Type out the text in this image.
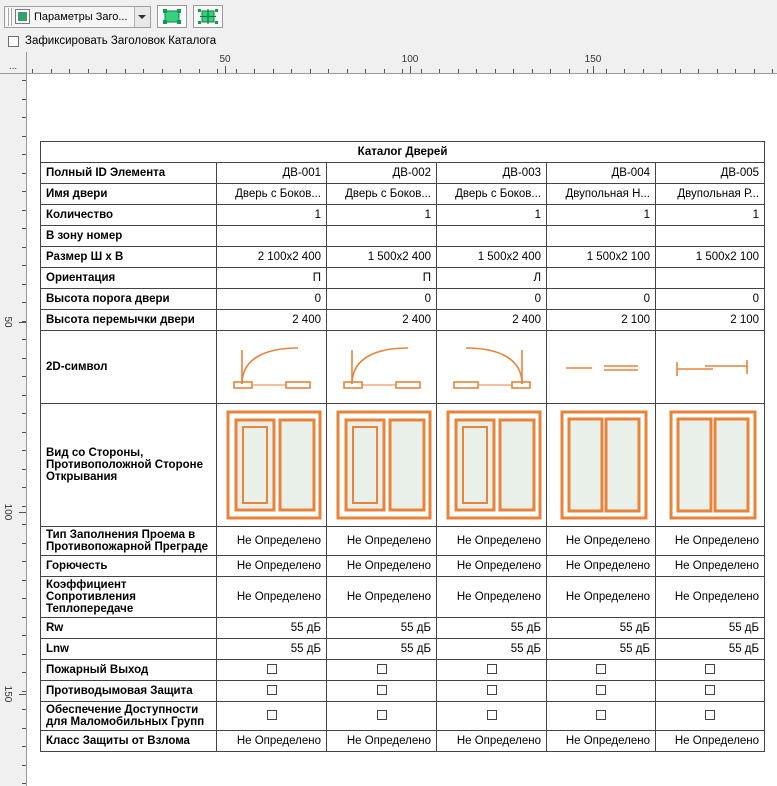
Параметры Заго...
Зафиксировать Заголовок Каталога
...
50	100	150
50
100
150
Каталог Дверей					
Полный ID Элемента	ДВ-001	ДВ-002	ДВ-003	ДВ-004	ДВ-005
Имя двери	Дверь с Боков...	Дверь с Боков...	Дверь с Боков...	Двупольная Н...	Двупольная Р...
Количество	1	1	1	1	1
В зону номер					
Размер Ш х В	2 100x2 400	1 500x2 400	1 500x2 400	1 500x2 100	1 500x2 100
Ориентация	П	П	Л		
Высота порога двери	0	0	0	0	0
Высота перемычки двери	2 400	2 400	2 400	2 100	2 100
2D-символ					
Вид со Стороны, Противоположной Стороне Открывания					
Тип Заполнения Проема в Противопожарной Преграде	Не Определено	Не Определено	Не Определено	Не Определено	Не Определено
Горючесть	Не Определено	Не Определено	Не Определено	Не Определено	Не Определено
Коэффициент Сопротивления Теплопередаче	Не Определено	Не Определено	Не Определено	Не Определено	Не Определено
Rw	55 дБ	55 дБ	55 дБ	55 дБ	55 дБ
Lnw	55 дБ	55 дБ	55 дБ	55 дБ	55 дБ
Пожарный Выход					
Противодымовая Защита					
Обеспечение Доступности для Маломобильных Групп					
Класс Защиты от Взлома	Не Определено	Не Определено	Не Определено	Не Определено	Не Определено
